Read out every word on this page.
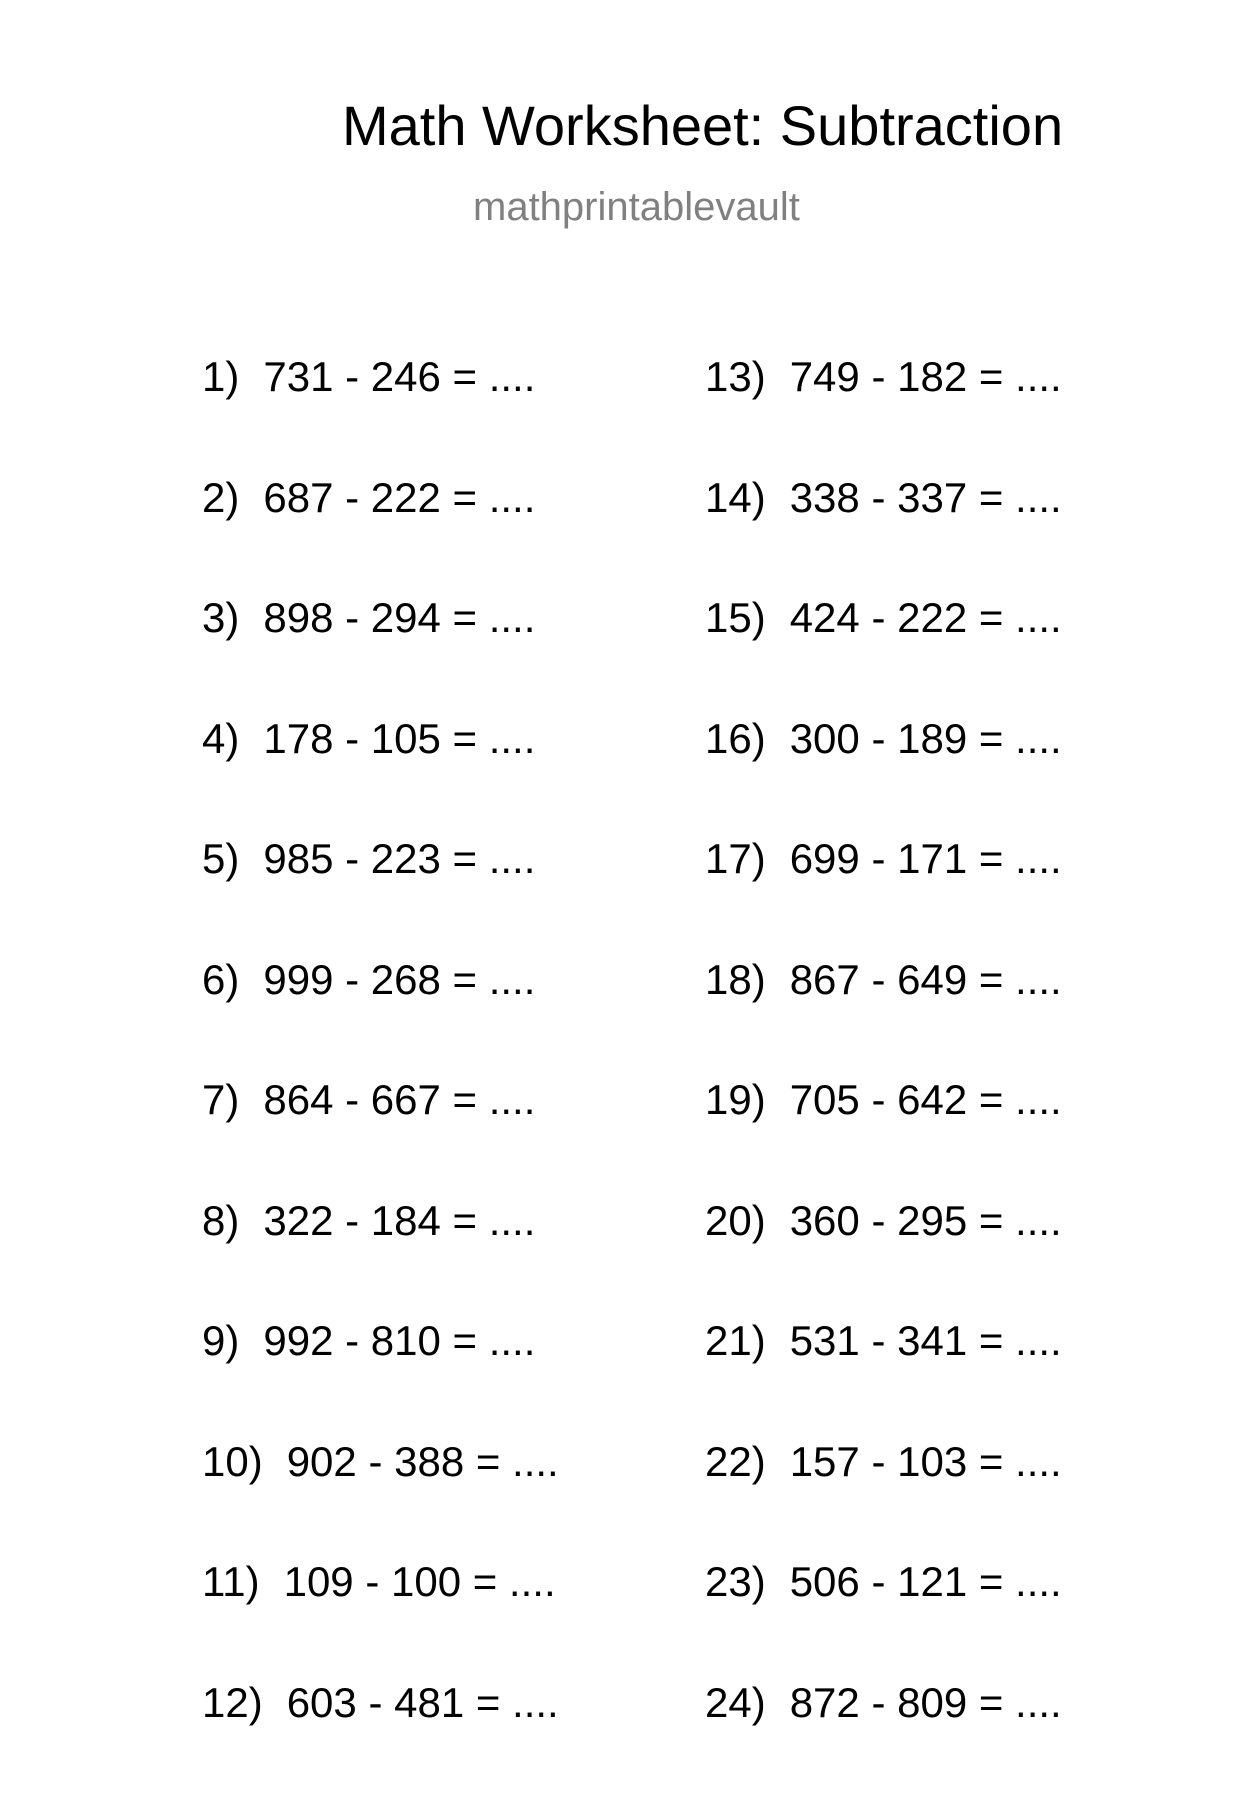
Math Worksheet: Subtraction
mathprintablevault
1) 731 - 246 = ....
2) 687 - 222 = ....
3) 898 - 294 = ....
4) 178 - 105 = ....
5) 985 - 223 = ....
6) 999 - 268 = ....
7) 864 - 667 = ....
8) 322 - 184 = ....
9) 992 - 810 = ....
10) 902 - 388 = ....
11) 109 - 100 = ....
12) 603 - 481 = ....
13) 749 - 182 = ....
14) 338 - 337 = ....
15) 424 - 222 = ....
16) 300 - 189 = ....
17) 699 - 171 = ....
18) 867 - 649 = ....
19) 705 - 642 = ....
20) 360 - 295 = ....
21) 531 - 341 = ....
22) 157 - 103 = ....
23) 506 - 121 = ....
24) 872 - 809 = ....
